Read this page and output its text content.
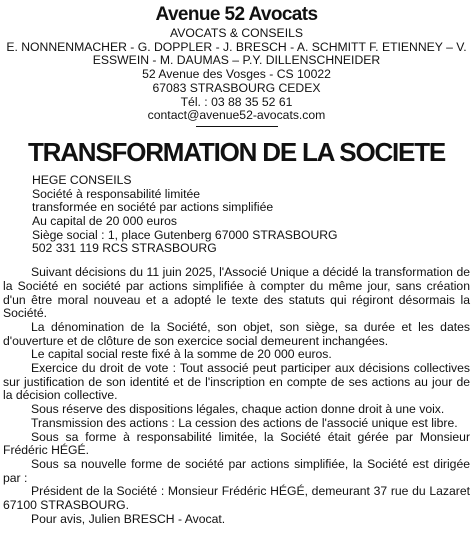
Avenue 52 Avocats
AVOCATS & CONSEILS
E. NONNENMACHER - G. DOPPLER - J. BRESCH - A. SCHMITT F. ETIENNEY – V.
ESSWEIN - M. DAUMAS – P.Y. DILLENSCHNEIDER
52 Avenue des Vosges - CS 10022
67083 STRASBOURG CEDEX
Tél. : 03 88 35 52 61
contact@avenue52-avocats.com
TRANSFORMATION DE LA SOCIETE
HEGE CONSEILS
Société à responsabilité limitée
transformée en société par actions simplifiée
Au capital de 20 000 euros
Siège social : 1, place Gutenberg 67000 STRASBOURG
502 331 119 RCS STRASBOURG
Suivant décisions du 11 juin 2025, l'Associé Unique a décidé la transformation de la Société en société par actions simplifiée à compter du même jour, sans création d'un être moral nouveau et a adopté le texte des statuts qui régiront désormais la Société.
La dénomination de la Société, son objet, son siège, sa durée et les dates d'ouverture et de clôture de son exercice social demeurent inchangées.
Le capital social reste fixé à la somme de 20 000 euros.
Exercice du droit de vote : Tout associé peut participer aux décisions collectives sur justification de son identité et de l'inscription en compte de ses actions au jour de la décision collective.
Sous réserve des dispositions légales, chaque action donne droit à une voix.
Transmission des actions : La cession des actions de l'associé unique est libre.
Sous sa forme à responsabilité limitée, la Société était gérée par Monsieur Frédéric HÉGÉ.
Sous sa nouvelle forme de société par actions simplifiée, la Société est dirigée par :
Président de la Société : Monsieur Frédéric HÉGÉ, demeurant 37 rue du Lazaret 67100 STRASBOURG.
Pour avis, Julien BRESCH - Avocat.
